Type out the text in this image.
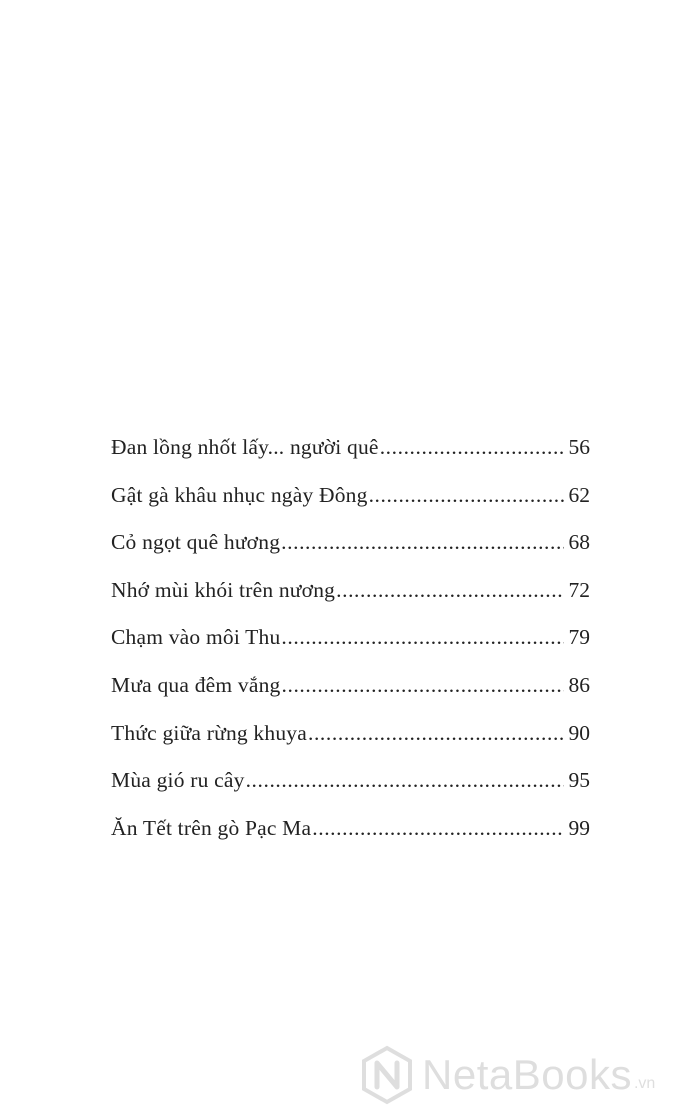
Đan lồng nhốt lấy... người quê .....	56
Gật gà khâu nhục ngày Đông .....	62
Cỏ ngọt quê hương .....	68
Nhớ mùi khói trên nương .....	72
Chạm vào môi Thu .....	79
Mưa qua đêm vắng .....	86
Thức giữa rừng khuya .....	90
Mùa gió ru cây .....	95
Ăn Tết trên gò Pạc Ma .....	99
NetaBooks .vn
